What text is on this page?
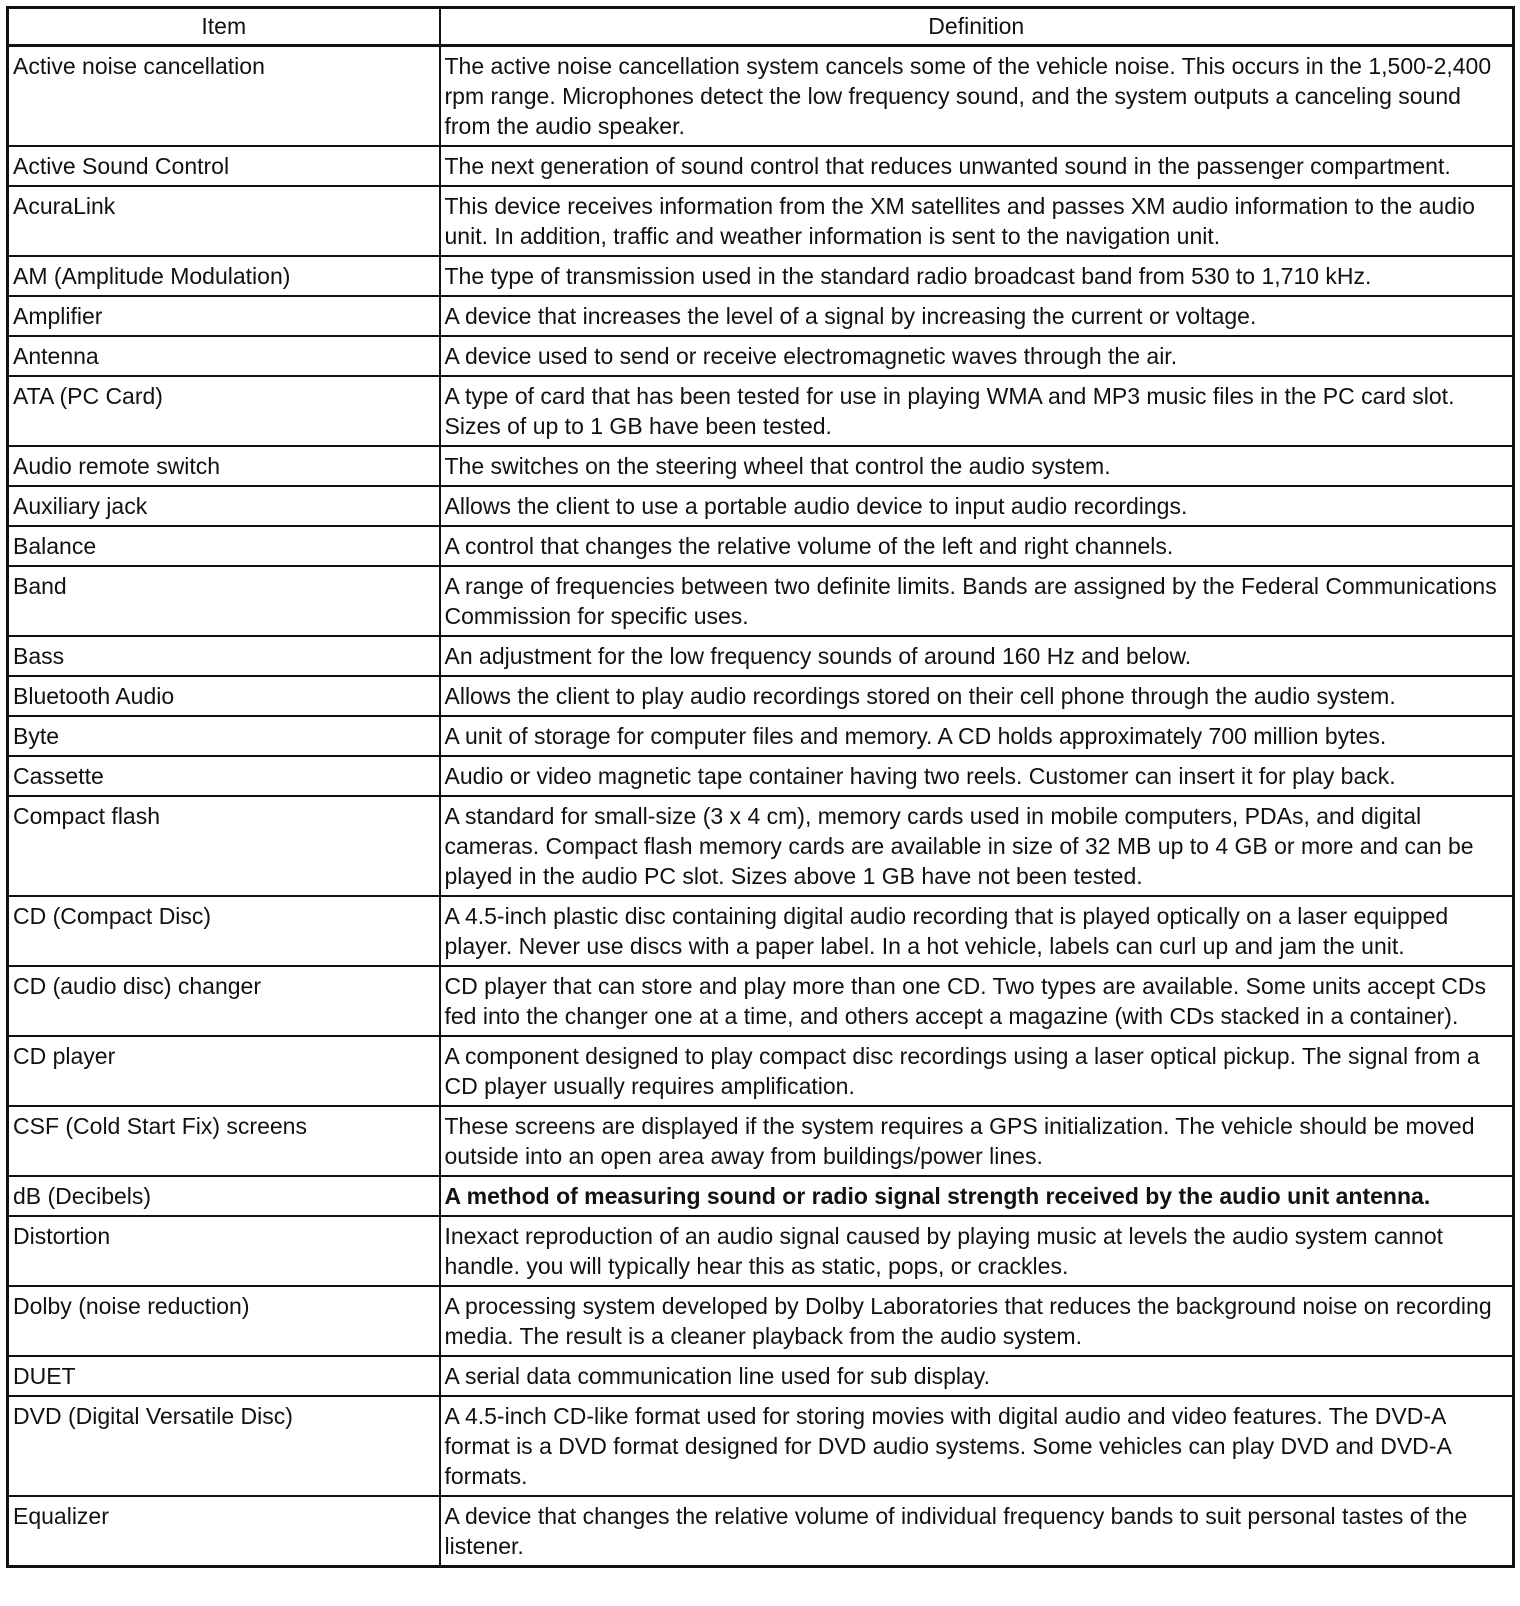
Item	Definition
Active noise cancellation	The active noise cancellation system cancels some of the vehicle noise. This occurs in the 1,500-2,400 rpm range. Microphones detect the low frequency sound, and the system outputs a canceling sound from the audio speaker.
Active Sound Control	The next generation of sound control that reduces unwanted sound in the passenger compartment.
AcuraLink	This device receives information from the XM satellites and passes XM audio information to the audio unit. In addition, traffic and weather information is sent to the navigation unit.
AM (Amplitude Modulation)	The type of transmission used in the standard radio broadcast band from 530 to 1,710 kHz.
Amplifier	A device that increases the level of a signal by increasing the current or voltage.
Antenna	A device used to send or receive electromagnetic waves through the air.
ATA (PC Card)	A type of card that has been tested for use in playing WMA and MP3 music files in the PC card slot. Sizes of up to 1 GB have been tested.
Audio remote switch	The switches on the steering wheel that control the audio system.
Auxiliary jack	Allows the client to use a portable audio device to input audio recordings.
Balance	A control that changes the relative volume of the left and right channels.
Band	A range of frequencies between two definite limits. Bands are assigned by the Federal Communications Commission for specific uses.
Bass	An adjustment for the low frequency sounds of around 160 Hz and below.
Bluetooth Audio	Allows the client to play audio recordings stored on their cell phone through the audio system.
Byte	A unit of storage for computer files and memory. A CD holds approximately 700 million bytes.
Cassette	Audio or video magnetic tape container having two reels. Customer can insert it for play back.
Compact flash	A standard for small-size (3 x 4 cm), memory cards used in mobile computers, PDAs, and digital cameras. Compact flash memory cards are available in size of 32 MB up to 4 GB or more and can be played in the audio PC slot. Sizes above 1 GB have not been tested.
CD (Compact Disc)	A 4.5-inch plastic disc containing digital audio recording that is played optically on a laser equipped player. Never use discs with a paper label. In a hot vehicle, labels can curl up and jam the unit.
CD (audio disc) changer	CD player that can store and play more than one CD. Two types are available. Some units accept CDs fed into the changer one at a time, and others accept a magazine (with CDs stacked in a container).
CD player	A component designed to play compact disc recordings using a laser optical pickup. The signal from a CD player usually requires amplification.
CSF (Cold Start Fix) screens	These screens are displayed if the system requires a GPS initialization. The vehicle should be moved outside into an open area away from buildings/power lines.
dB (Decibels)	A method of measuring sound or radio signal strength received by the audio unit antenna.
Distortion	Inexact reproduction of an audio signal caused by playing music at levels the audio system cannot handle. you will typically hear this as static, pops, or crackles.
Dolby (noise reduction)	A processing system developed by Dolby Laboratories that reduces the background noise on recording media. The result is a cleaner playback from the audio system.
DUET	A serial data communication line used for sub display.
DVD (Digital Versatile Disc)	A 4.5-inch CD-like format used for storing movies with digital audio and video features. The DVD-A format is a DVD format designed for DVD audio systems. Some vehicles can play DVD and DVD-A formats.
Equalizer	A device that changes the relative volume of individual frequency bands to suit personal tastes of the listener.
